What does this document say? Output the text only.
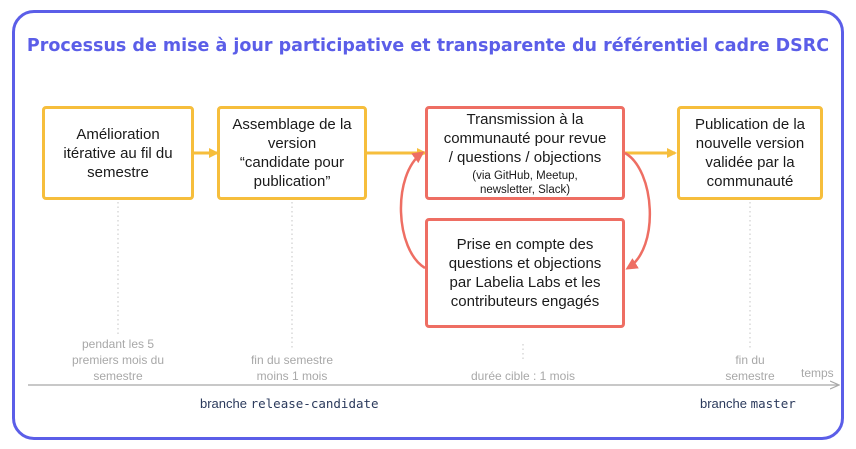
Processus de mise à jour participative et transparente du référentiel cadre DSRC
Amélioration
itérative au fil du
semestre
Assemblage de la
version
“candidate pour
publication”
Transmission à la
communauté pour revue
/ questions / objections
(via GitHub, Meetup,
newsletter, Slack)
Publication de la
nouvelle version
validée par la
communauté
Prise en compte des
questions et objections
par Labelia Labs et les
contributeurs engagés
pendant les 5
premiers mois du
semestre
fin du semestre
moins 1 mois	durée cible : 1 mois
fin du
semestre	temps
branche release-candidate	branche master
